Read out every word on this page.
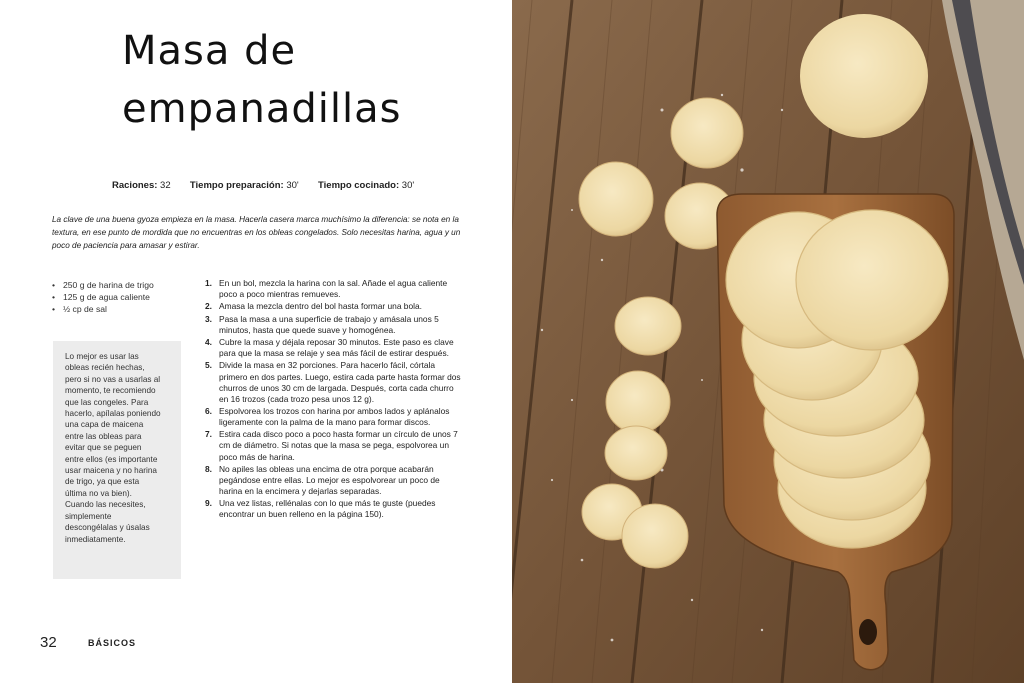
Masa de
empanadillas
Raciones: 32 Tiempo preparación: 30' Tiempo cocinado: 30'
La clave de una buena gyoza empieza en la masa. Hacerla casera marca muchísimo la diferencia: se nota en la textura, en ese punto de mordida que no encuentras en los obleas congelados. Solo necesitas harina, agua y un poco de paciencia para amasar y estirar.
• 250 g de harina de trigo
• 125 g de agua caliente
• ½ cp de sal
Lo mejor es usar las obleas recién hechas, pero si no vas a usarlas al momento, te recomiendo que las congeles. Para hacerlo, apílalas poniendo una capa de maicena entre las obleas para evitar que se peguen entre ellos (es importante usar maicena y no harina de trigo, ya que esta última no va bien). Cuando las necesites, simplemente descongélalas y úsalas inmediatamente.
1. En un bol, mezcla la harina con la sal. Añade el agua caliente poco a poco mientras remueves.
2. Amasa la mezcla dentro del bol hasta formar una bola.
3. Pasa la masa a una superficie de trabajo y amásala unos 5 minutos, hasta que quede suave y homogénea.
4. Cubre la masa y déjala reposar 30 minutos. Este paso es clave para que la masa se relaje y sea más fácil de estirar después.
5. Divide la masa en 32 porciones. Para hacerlo fácil, córtala primero en dos partes. Luego, estira cada parte hasta formar dos churros de unos 30 cm de largada. Después, corta cada churro en 16 trozos (cada trozo pesa unos 12 g).
6. Espolvorea los trozos con harina por ambos lados y aplánalos ligeramente con la palma de la mano para formar discos.
7. Estira cada disco poco a poco hasta formar un círculo de unos 7 cm de diámetro. Si notas que la masa se pega, espolvorea un poco más de harina.
8. No apiles las obleas una encima de otra porque acabarán pegándose entre ellas. Lo mejor es espolvorear un poco de harina en la encimera y dejarlas separadas.
9. Una vez listas, rellénalas con lo que más te guste (puedes encontrar un buen relleno en la página 150).
32	BÁSICOS
